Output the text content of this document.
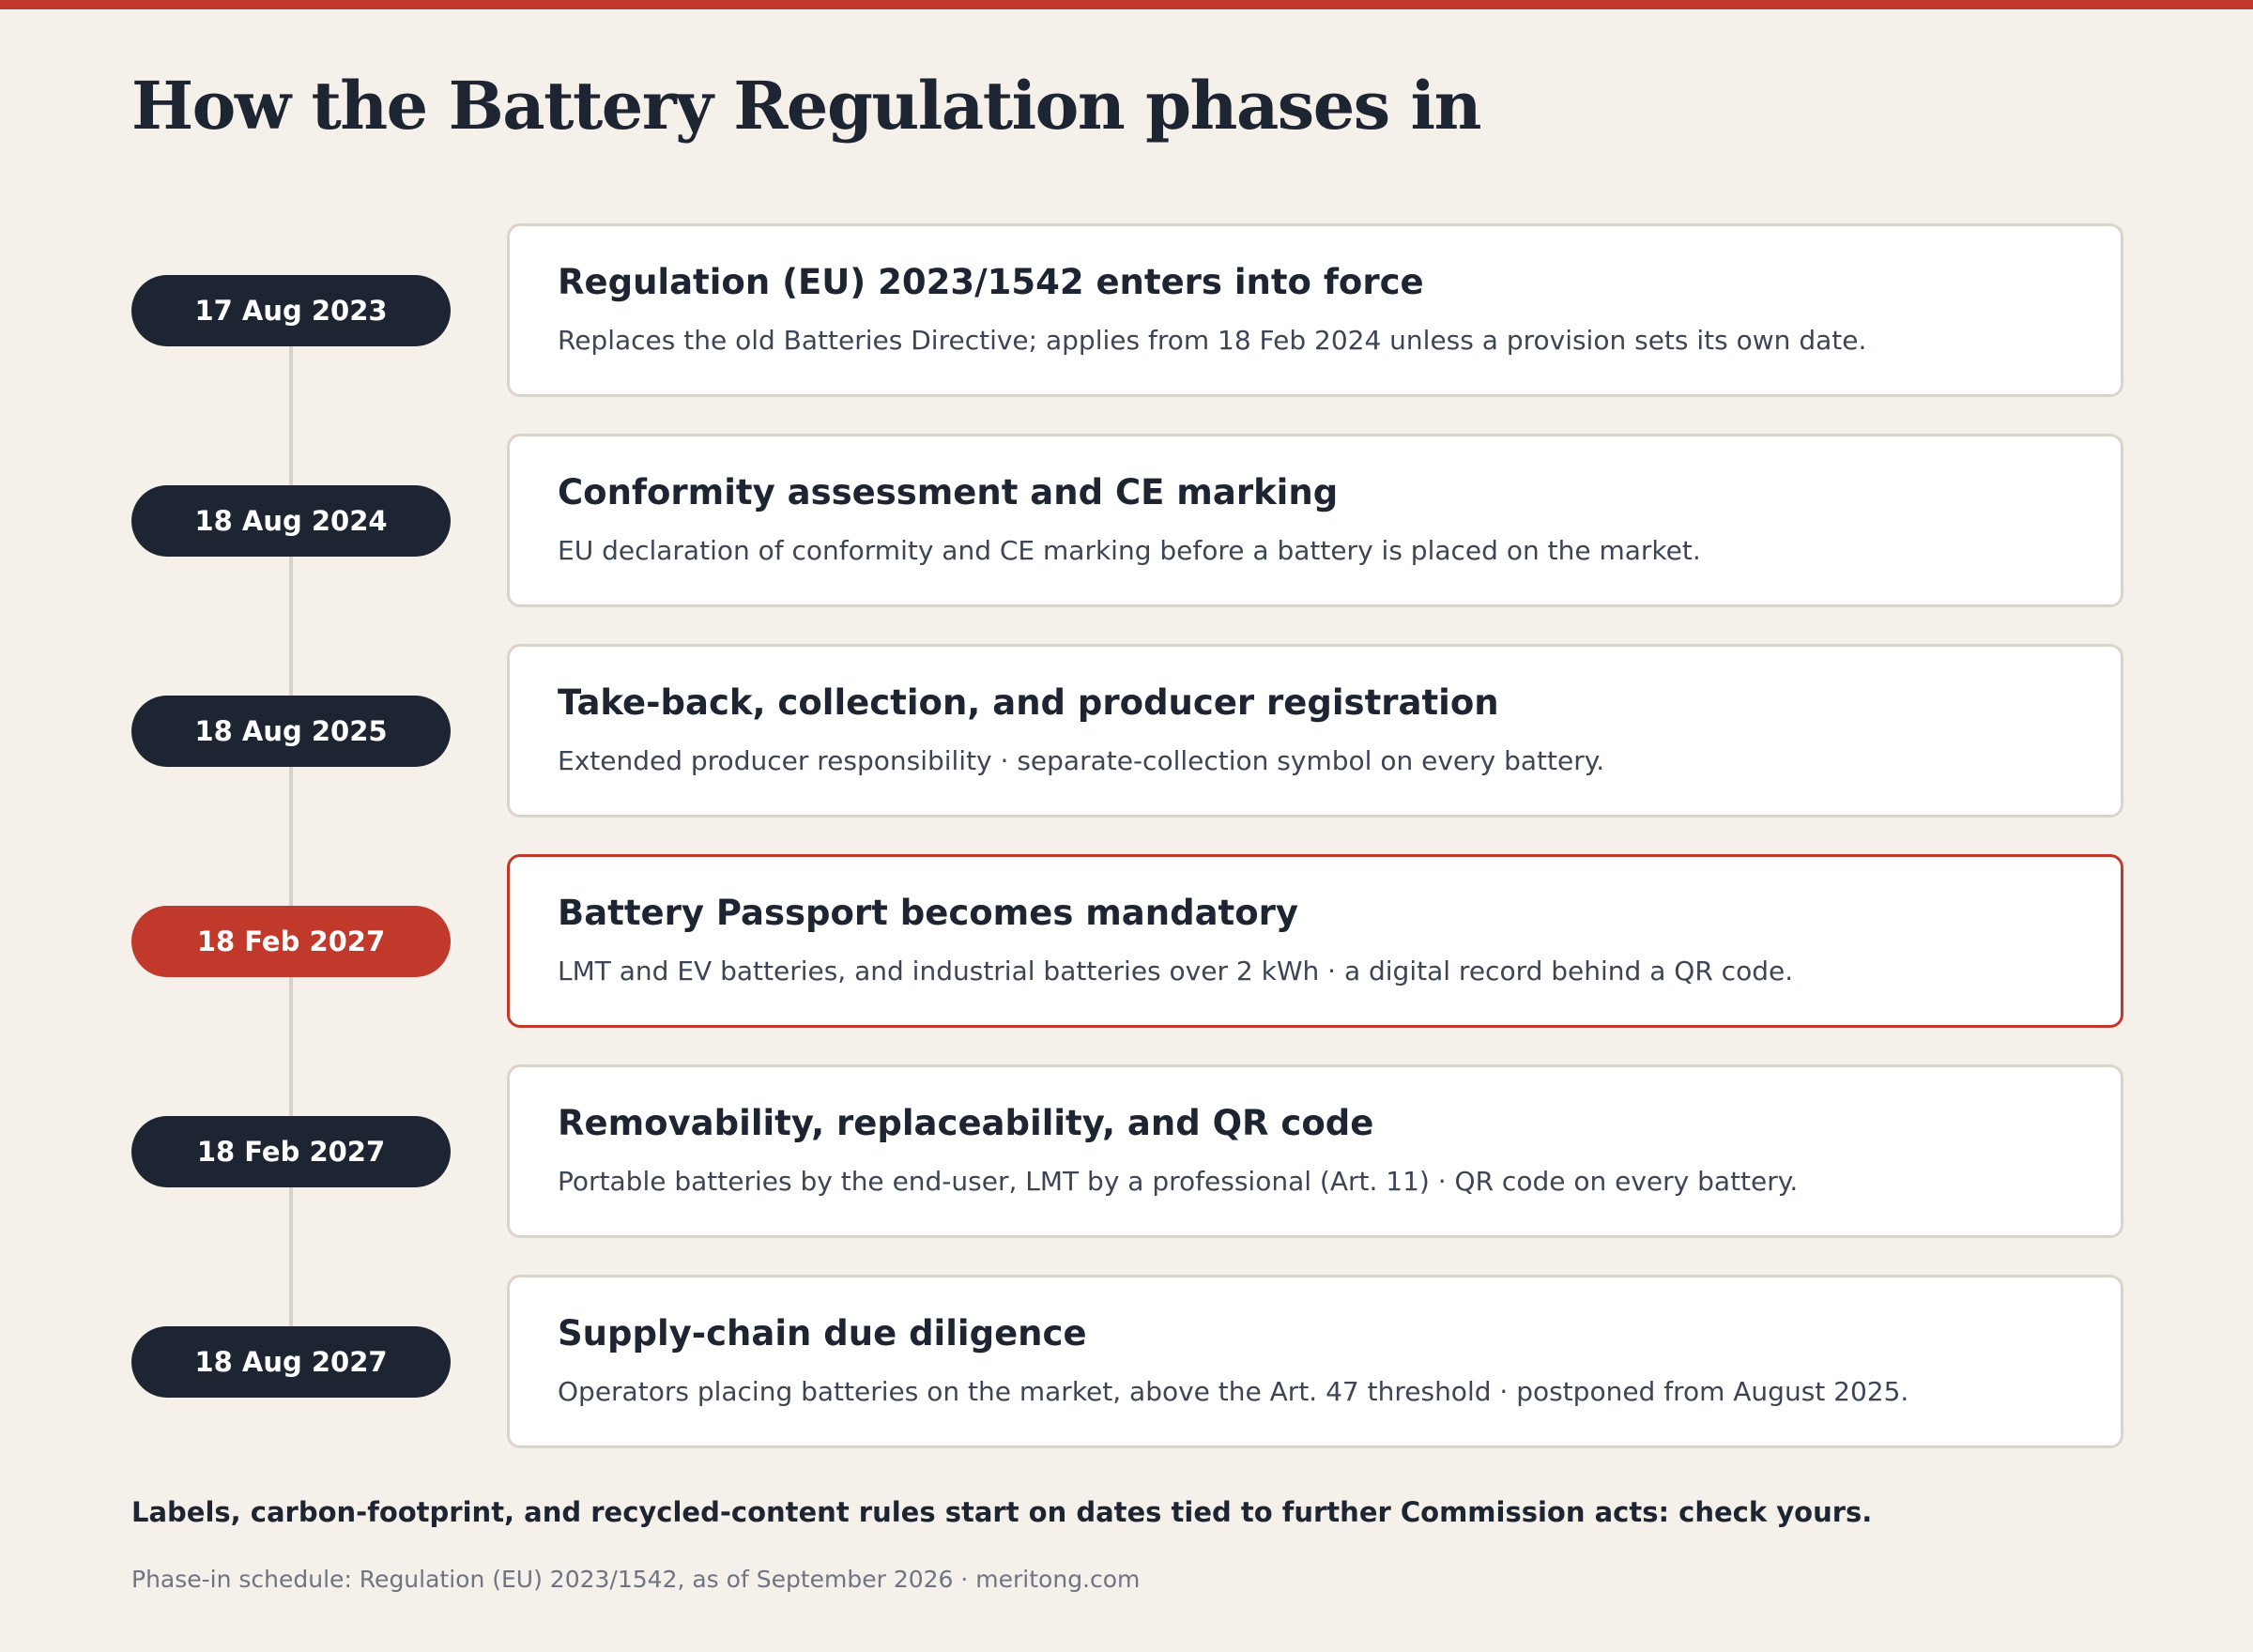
How the Battery Regulation phases in
17 Aug 2023
Regulation (EU) 2023/1542 enters into force
Replaces the old Batteries Directive; applies from 18 Feb 2024 unless a provision sets its own date.
18 Aug 2024
Conformity assessment and CE marking
EU declaration of conformity and CE marking before a battery is placed on the market.
18 Aug 2025
Take-back, collection, and producer registration
Extended producer responsibility · separate-collection symbol on every battery.
18 Feb 2027
Battery Passport becomes mandatory
LMT and EV batteries, and industrial batteries over 2 kWh · a digital record behind a QR code.
18 Feb 2027
Removability, replaceability, and QR code
Portable batteries by the end-user, LMT by a professional (Art. 11) · QR code on every battery.
18 Aug 2027
Supply-chain due diligence
Operators placing batteries on the market, above the Art. 47 threshold · postponed from August 2025.
Labels, carbon-footprint, and recycled-content rules start on dates tied to further Commission acts: check yours.
Phase-in schedule: Regulation (EU) 2023/1542, as of September 2026 · meritong.com
